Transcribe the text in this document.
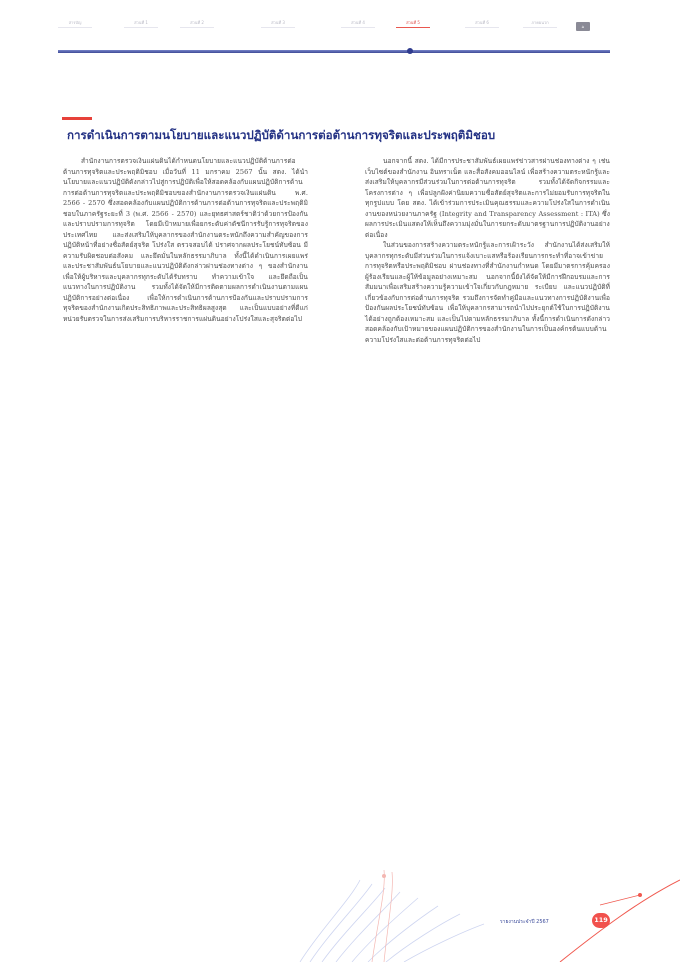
สารบัญ	ส่วนที่ 1	ส่วนที่ 2	ส่วนที่ 3	ส่วนที่ 4	ส่วนที่ 5	ส่วนที่ 6	ภาคผนวก
⌂
การดำเนินการตามนโยบายและแนวปฏิบัติด้านการต่อต้านการทุจริตและประพฤติมิชอบ

สำนักงานการตรวจเงินแผ่นดินได้กำหนดนโยบายและแนวปฏิบัติด้านการต่อต้านการทุจริตและประพฤติมิชอบ เมื่อวันที่ 11 มกราคม 2567 นั้น สตง. ได้นำนโยบายและแนวปฏิบัติดังกล่าวไปสู่การปฏิบัติเพื่อให้สอดคล้องกับแผนปฏิบัติการด้านการต่อต้านการทุจริตและประพฤติมิชอบของสำนักงานการตรวจเงินแผ่นดิน พ.ศ. 2566 - 2570 ซึ่งสอดคล้องกับแผนปฏิบัติการด้านการต่อต้านการทุจริตและประพฤติมิชอบในภาครัฐระยะที่ 3 (พ.ศ. 2566 - 2570) และยุทธศาสตร์ชาติว่าด้วยการป้องกันและปราบปรามการทุจริต โดยมีเป้าหมายเพื่อยกระดับค่าดัชนีการรับรู้การทุจริตของประเทศไทย และส่งเสริมให้บุคลากรของสำนักงานตระหนักถึงความสำคัญของการปฏิบัติหน้าที่อย่างซื่อสัตย์สุจริต โปร่งใส ตรวจสอบได้ ปราศจากผลประโยชน์ทับซ้อน มีความรับผิดชอบต่อสังคม และยึดมั่นในหลักธรรมาภิบาล ทั้งนี้ได้ดำเนินการเผยแพร่และประชาสัมพันธ์นโยบายและแนวปฏิบัติดังกล่าวผ่านช่องทางต่าง ๆ ของสำนักงาน เพื่อให้ผู้บริหารและบุคลากรทุกระดับได้รับทราบ ทำความเข้าใจ และยึดถือเป็นแนวทางในการปฏิบัติงาน รวมทั้งได้จัดให้มีการติดตามผลการดำเนินงานตามแผนปฏิบัติการอย่างต่อเนื่อง เพื่อให้การดำเนินการด้านการป้องกันและปราบปรามการทุจริตของสำนักงานเกิดประสิทธิภาพและประสิทธิผลสูงสุด และเป็นแบบอย่างที่ดีแก่หน่วยรับตรวจในการส่งเสริมการบริหารราชการแผ่นดินอย่างโปร่งใสและสุจริตต่อไป

นอกจากนี้ สตง. ได้มีการประชาสัมพันธ์เผยแพร่ข่าวสารผ่านช่องทางต่าง ๆ เช่น เว็บไซต์ของสำนักงาน อินทราเน็ต และสื่อสังคมออนไลน์ เพื่อสร้างความตระหนักรู้และส่งเสริมให้บุคลากรมีส่วนร่วมในการต่อต้านการทุจริต รวมทั้งได้จัดกิจกรรมและโครงการต่าง ๆ เพื่อปลูกฝังค่านิยมความซื่อสัตย์สุจริตและการไม่ยอมรับการทุจริตในทุกรูปแบบ โดย สตง. ได้เข้าร่วมการประเมินคุณธรรมและความโปร่งใสในการดำเนินงานของหน่วยงานภาครัฐ (Integrity and Transparency Assessment : ITA) ซึ่งผลการประเมินแสดงให้เห็นถึงความมุ่งมั่นในการยกระดับมาตรฐานการปฏิบัติงานอย่างต่อเนื่อง

ในส่วนของการสร้างความตระหนักรู้และการเฝ้าระวัง สำนักงานได้ส่งเสริมให้บุคลากรทุกระดับมีส่วนร่วมในการแจ้งเบาะแสหรือร้องเรียนการกระทำที่อาจเข้าข่ายการทุจริตหรือประพฤติมิชอบ ผ่านช่องทางที่สำนักงานกำหนด โดยมีมาตรการคุ้มครองผู้ร้องเรียนและผู้ให้ข้อมูลอย่างเหมาะสม นอกจากนี้ยังได้จัดให้มีการฝึกอบรมและการสัมมนาเพื่อเสริมสร้างความรู้ความเข้าใจเกี่ยวกับกฎหมาย ระเบียบ และแนวปฏิบัติที่เกี่ยวข้องกับการต่อต้านการทุจริต รวมถึงการจัดทำคู่มือและแนวทางการปฏิบัติงานเพื่อป้องกันผลประโยชน์ทับซ้อน เพื่อให้บุคลากรสามารถนำไปประยุกต์ใช้ในการปฏิบัติงานได้อย่างถูกต้องเหมาะสม และเป็นไปตามหลักธรรมาภิบาล ทั้งนี้การดำเนินการดังกล่าวสอดคล้องกับเป้าหมายของแผนปฏิบัติการของสำนักงานในการเป็นองค์กรต้นแบบด้านความโปร่งใสและต่อต้านการทุจริตต่อไป

รายงานประจำปี 2567	119
